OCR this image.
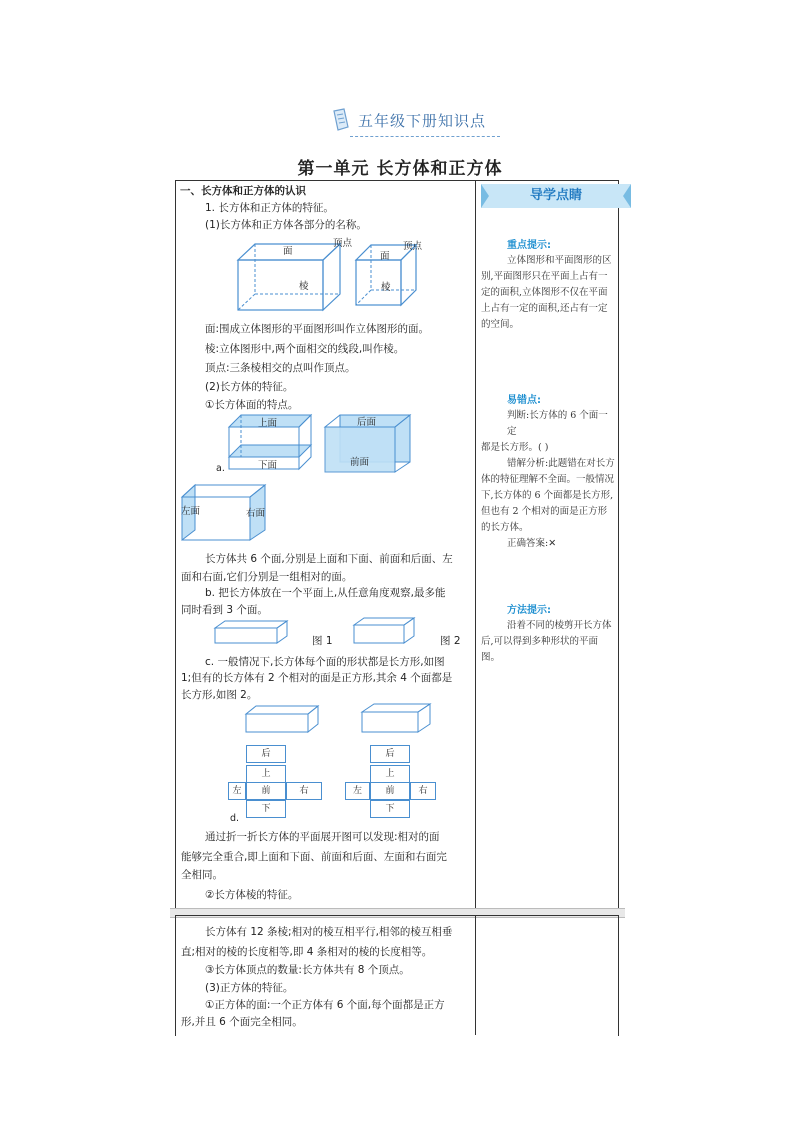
五年级下册知识点
第一单元 长方体和正方体
导学点睛
一、长方体和正方体的认识
1. 长方体和正方体的特征。
(1)长方体和正方体各部分的名称。
面
顶点
棱
面
顶点
棱
面:围成立体图形的平面图形叫作立体图形的面。
棱:立体图形中,两个面相交的线段,叫作棱。
顶点:三条棱相交的点叫作顶点。
(2)长方体的特征。
①长方体面的特点。
上面
下面
后面
前面
a.
左面	右面
长方体共 6 个面,分别是上面和下面、前面和后面、左
面和右面,它们分别是一组相对的面。
b. 把长方体放在一个平面上,从任意角度观察,最多能
同时看到 3 个面。
图 1	图 2
c. 一般情况下,长方体每个面的形状都是长方形,如图
1;但有的长方体有 2 个相对的面是正方形,其余 4 个面都是
长方形,如图 2。
后
上
前
左	右
下
d.
后
上
前
左	右
下
通过折一折长方体的平面展开图可以发现:相对的面
能够完全重合,即上面和下面、前面和后面、左面和右面完
全相同。
②长方体棱的特征。
长方体有 12 条棱;相对的棱互相平行,相邻的棱互相垂
直;相对的棱的长度相等,即 4 条相对的棱的长度相等。
③长方体顶点的数量:长方体共有 8 个顶点。
(3)正方体的特征。
①正方体的面:一个正方体有 6 个面,每个面都是正方
形,并且 6 个面完全相同。
重点提示:
立体图形和平面图形的区
别,平面图形只在平面上占有一
定的面积,立体图形不仅在平面
上占有一定的面积,还占有一定
的空间。
易错点:
判断:长方体的 6 个面一定
都是长方形。( )
错解分析:此题错在对长方
体的特征理解不全面。一般情况
下,长方体的 6 个面都是长方形,
但也有 2 个相对的面是正方形
的长方体。
正确答案:✕
方法提示:
沿着不同的棱剪开长方体
后,可以得到多种形状的平面
图。
